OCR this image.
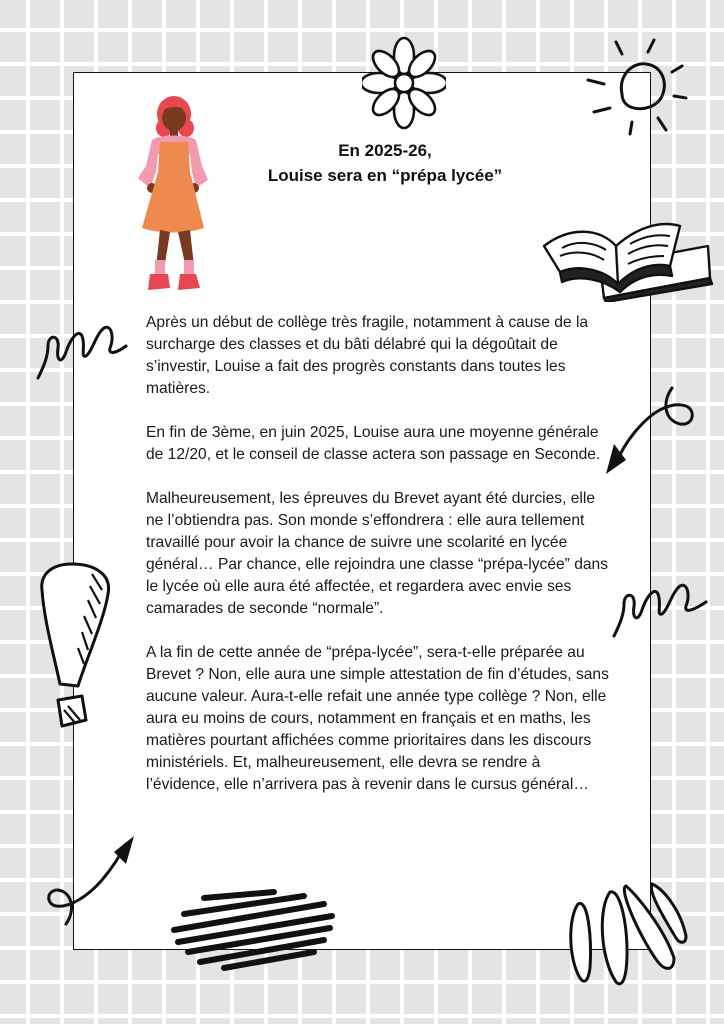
En 2025-26,
Louise sera en “prépa lycée”

Après un début de collège très fragile, notamment à cause de la surcharge des classes et du bâti délabré qui la dégoûtait de s’investir, Louise a fait des progrès constants dans toutes les matières.

En fin de 3ème, en juin 2025, Louise aura une moyenne générale de 12/20, et le conseil de classe actera son passage en Seconde.

Malheureusement, les épreuves du Brevet ayant été durcies, elle ne l’obtiendra pas. Son monde s’effondrera : elle aura tellement travaillé pour avoir la chance de suivre une scolarité en lycée général… Par chance, elle rejoindra une classe “prépa-lycée” dans le lycée où elle aura été affectée, et regardera avec envie ses camarades de seconde “normale”.

A la fin de cette année de “prépa-lycée”, sera-t-elle préparée au Brevet ? Non, elle aura une simple attestation de fin d’études, sans aucune valeur. Aura-t-elle refait une année type collège ? Non, elle aura eu moins de cours, notamment en français et en maths, les matières pourtant affichées comme prioritaires dans les discours ministériels. Et, malheureusement, elle devra se rendre à l’évidence, elle n’arrivera pas à revenir dans le cursus général…
